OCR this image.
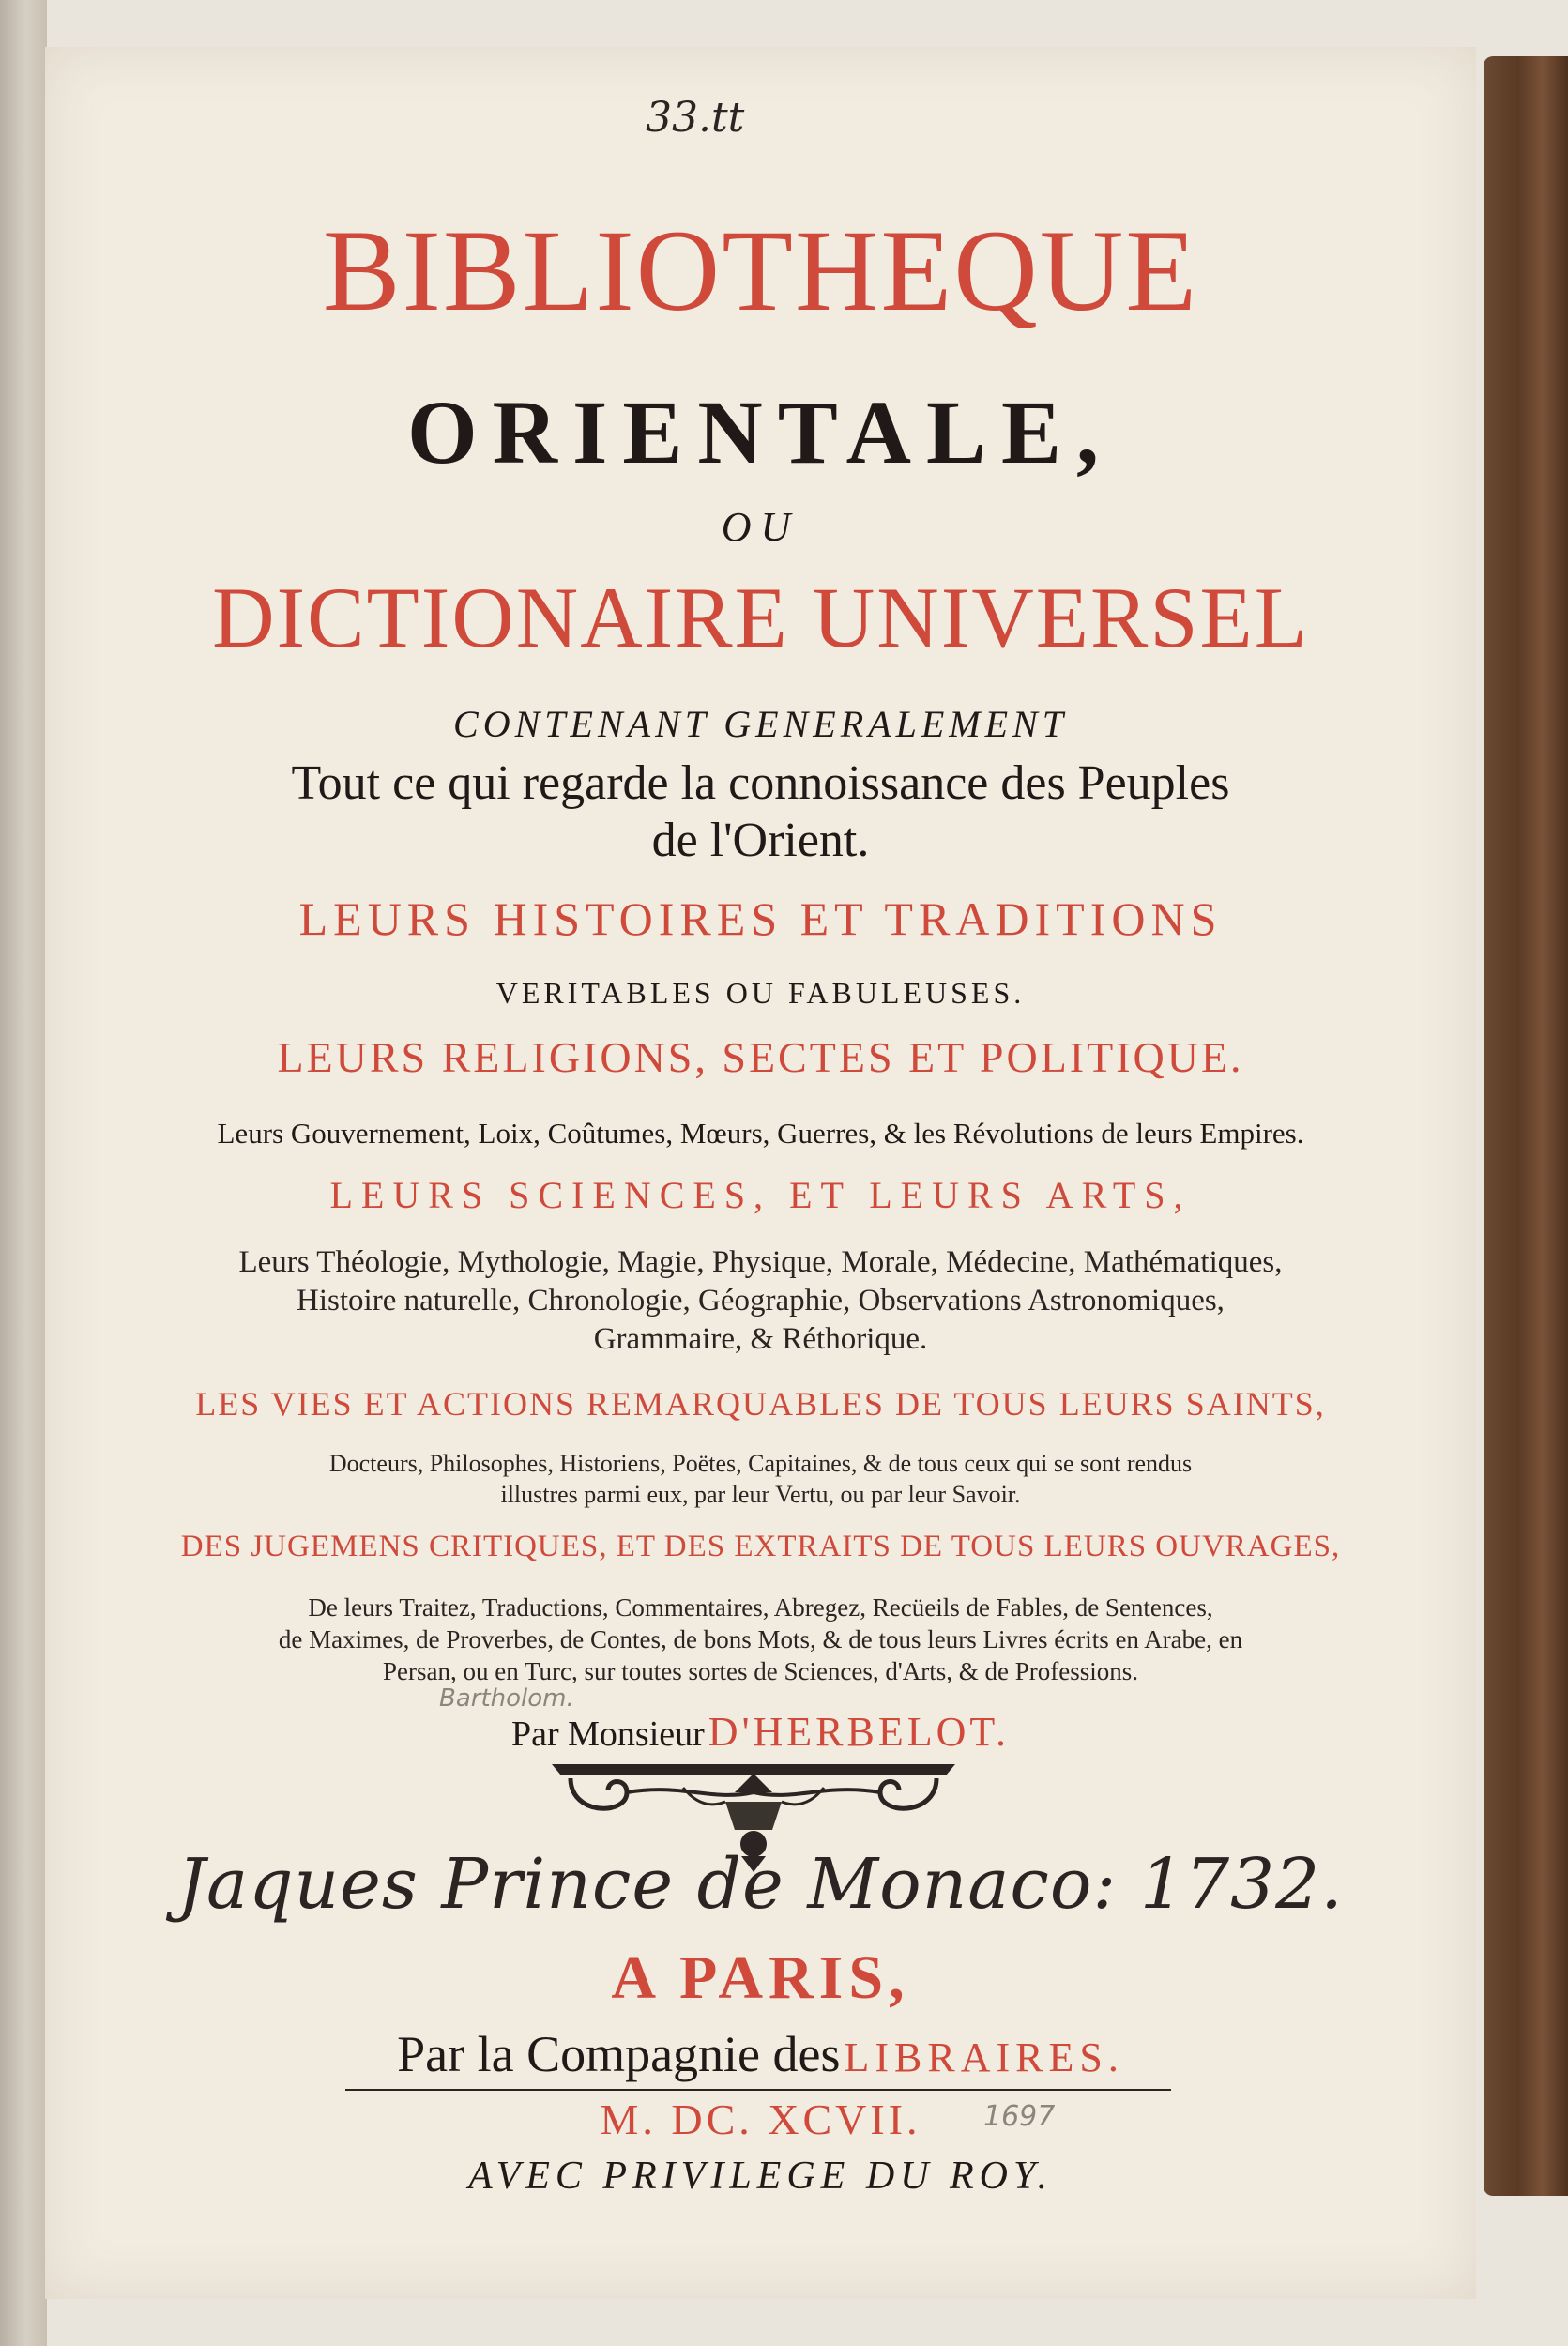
33.tt
BIBLIOTHEQUE
ORIENTALE,
OU
DICTIONAIRE UNIVERSEL
CONTENANT GENERALEMENT
Tout ce qui regarde la connoissance des Peuples
de l'Orient.
LEURS HISTOIRES ET TRADITIONS
VERITABLES OU FABULEUSES.
LEURS RELIGIONS, SECTES ET POLITIQUE.
Leurs Gouvernement, Loix, Coûtumes, Mœurs, Guerres, & les Révolutions de leurs Empires.
LEURS SCIENCES, ET LEURS ARTS,
Leurs Théologie, Mythologie, Magie, Physique, Morale, Médecine, Mathématiques,
Histoire naturelle, Chronologie, Géographie, Observations Astronomiques,
Grammaire, & Réthorique.
LES VIES ET ACTIONS REMARQUABLES DE TOUS LEURS SAINTS,
Docteurs, Philosophes, Historiens, Poëtes, Capitaines, & de tous ceux qui se sont rendus
illustres parmi eux, par leur Vertu, ou par leur Savoir.
DES JUGEMENS CRITIQUES, ET DES EXTRAITS DE TOUS LEURS OUVRAGES,
De leurs Traitez, Traductions, Commentaires, Abregez, Recüeils de Fables, de Sentences,
de Maximes, de Proverbes, de Contes, de bons Mots, & de tous leurs Livres écrits en Arabe, en
Persan, ou en Turc, sur toutes sortes de Sciences, d'Arts, & de Professions.
Bartholom.
Par Monsieur D'HERBELOT.
Jaques Prince de Monaco: 1732.
A PARIS,
Par la Compagnie des LIBRAIRES.
M. DC. XCVII.	1697
AVEC PRIVILEGE DU ROY.
